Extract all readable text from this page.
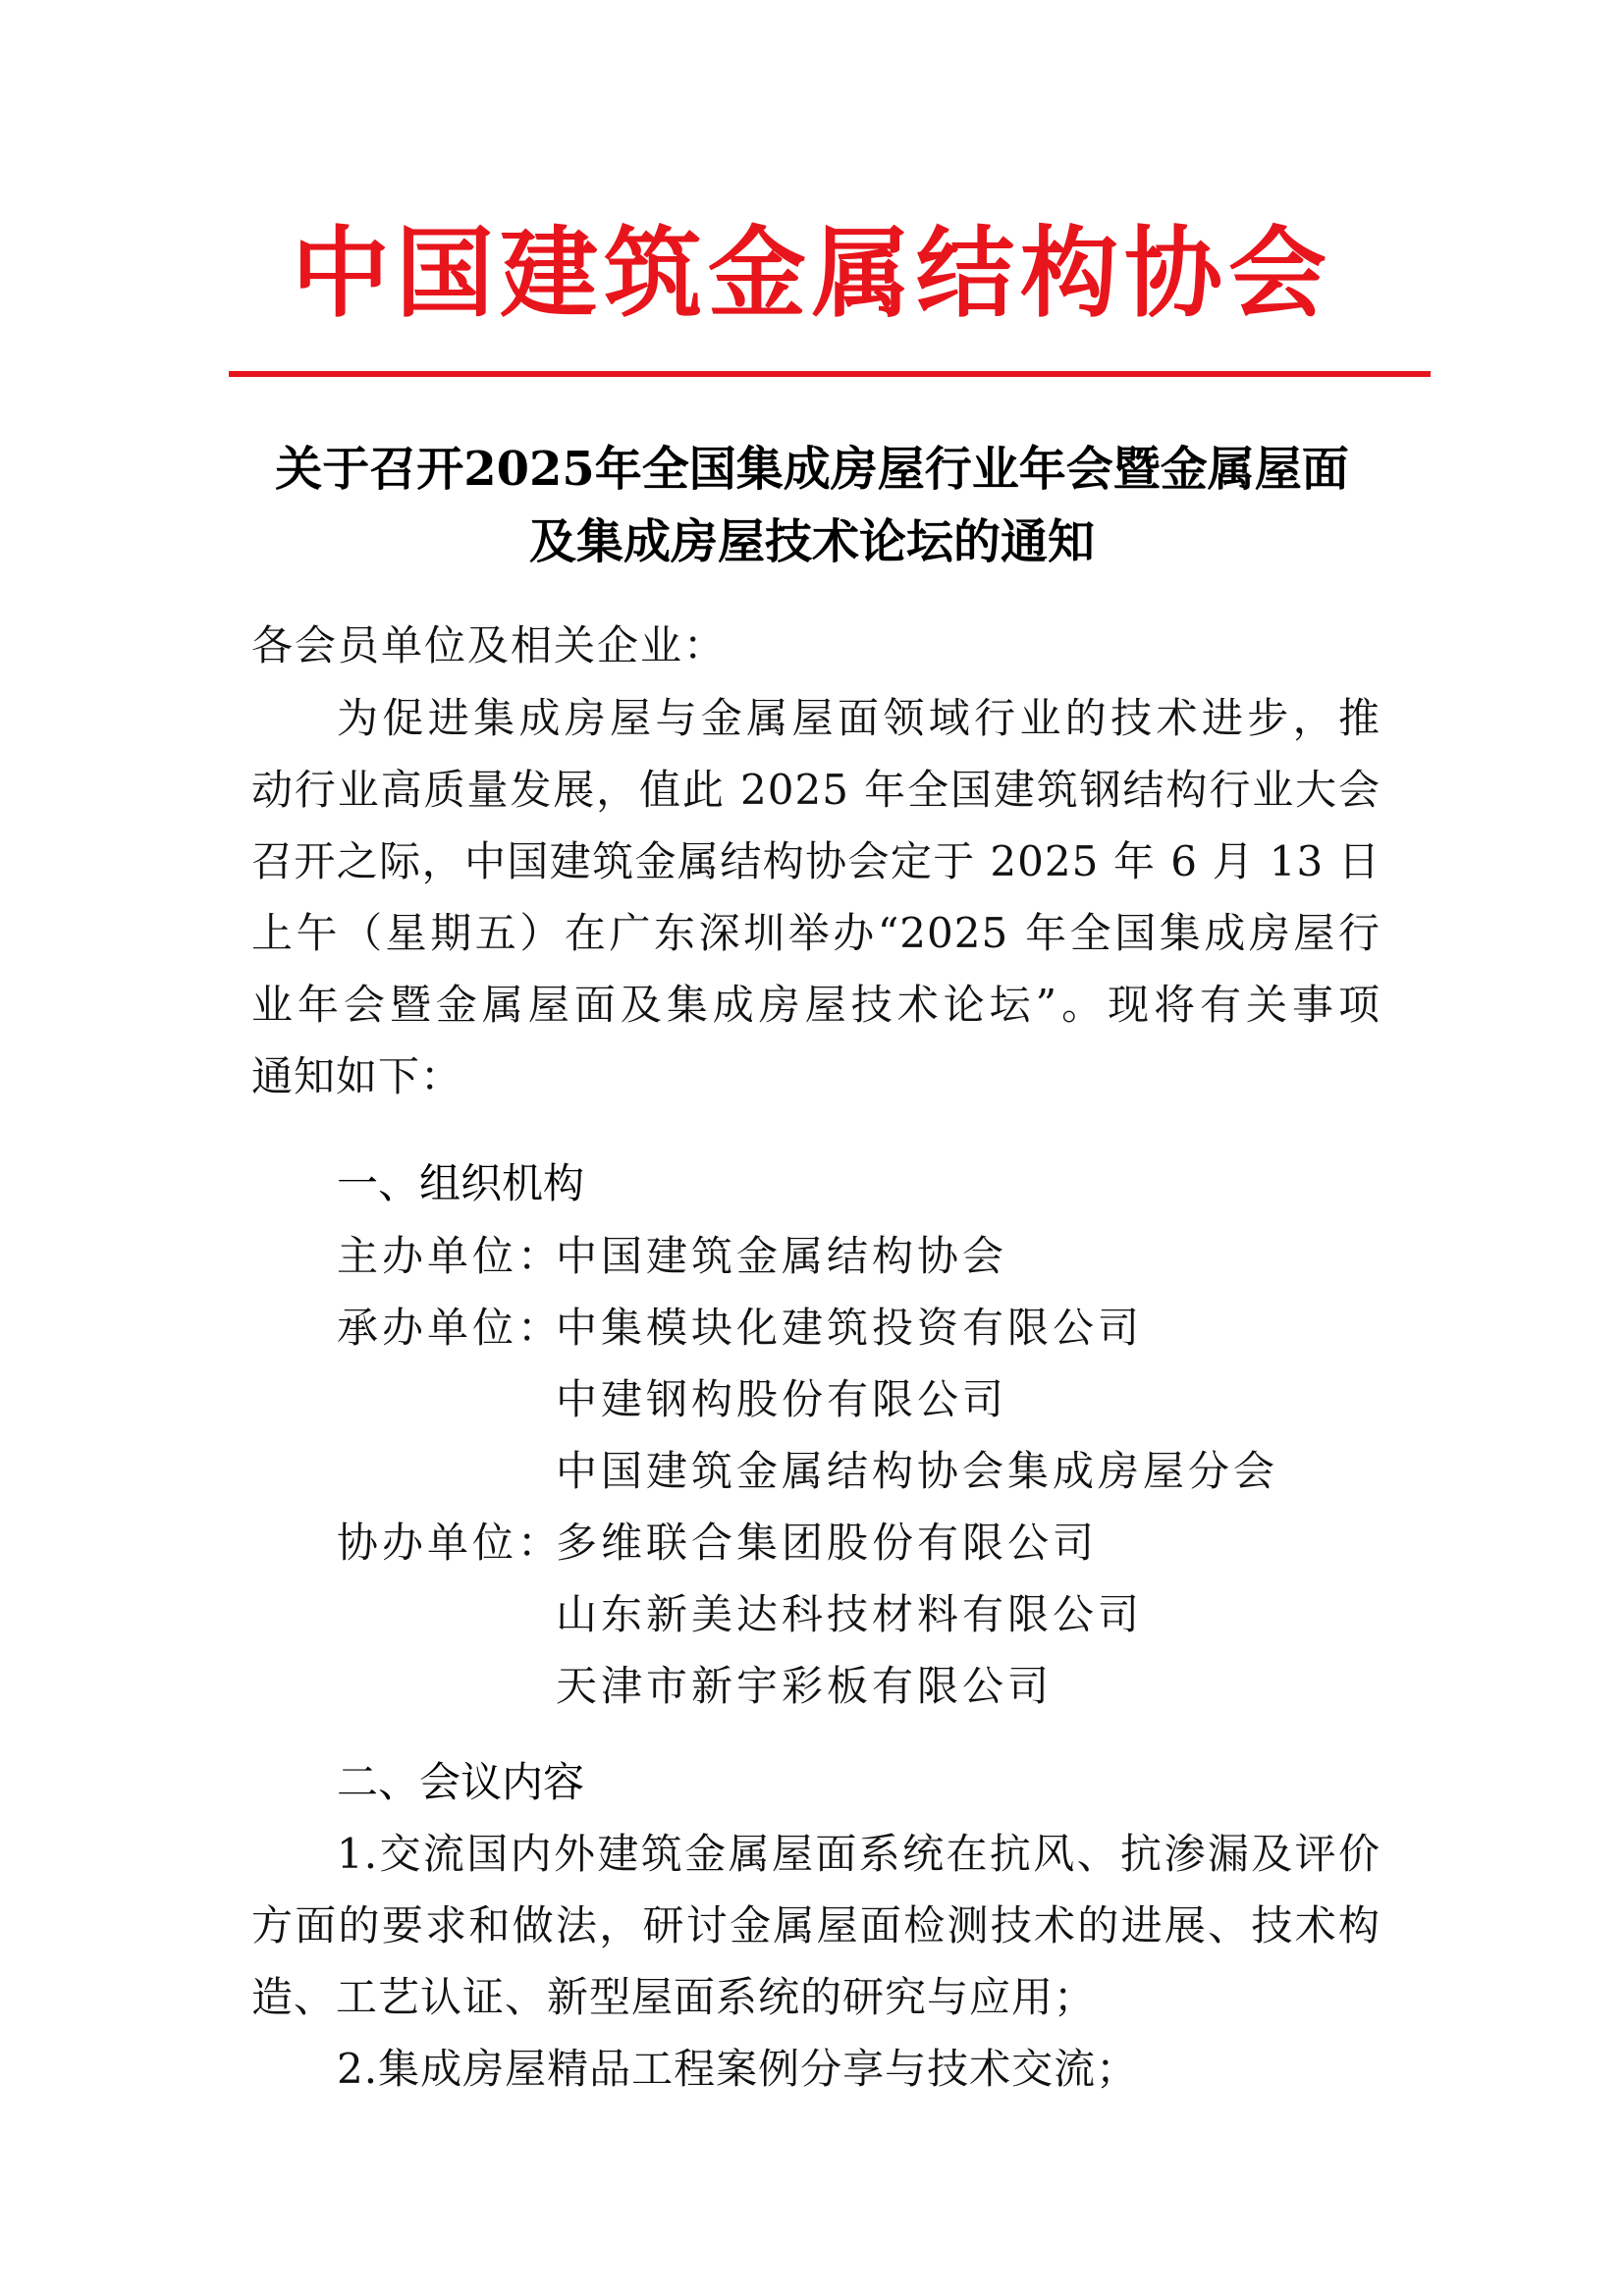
中国建筑金属结构协会
关于召开2025年全国集成房屋行业年会暨金属屋面
及集成房屋技术论坛的通知
各会员单位及相关企业：
为促进集成房屋与金属屋面领域行业的技术进步，推
动行业高质量发展，值此 2025 年全国建筑钢结构行业大会
召开之际，中国建筑金属结构协会定于 2025 年 6 月 13 日
上午（星期五）在广东深圳举办“2025 年全国集成房屋行
业年会暨金属屋面及集成房屋技术论坛”。现将有关事项
通知如下：
一、组织机构
主办单位：
中国建筑金属结构协会
承办单位：
中集模块化建筑投资有限公司
中建钢构股份有限公司
中国建筑金属结构协会集成房屋分会
协办单位：
多维联合集团股份有限公司
山东新美达科技材料有限公司
天津市新宇彩板有限公司
二、会议内容
1.交流国内外建筑金属屋面系统在抗风、抗渗漏及评价
方面的要求和做法，研讨金属屋面检测技术的进展、技术构
造、工艺认证、新型屋面系统的研究与应用；
2.集成房屋精品工程案例分享与技术交流；
